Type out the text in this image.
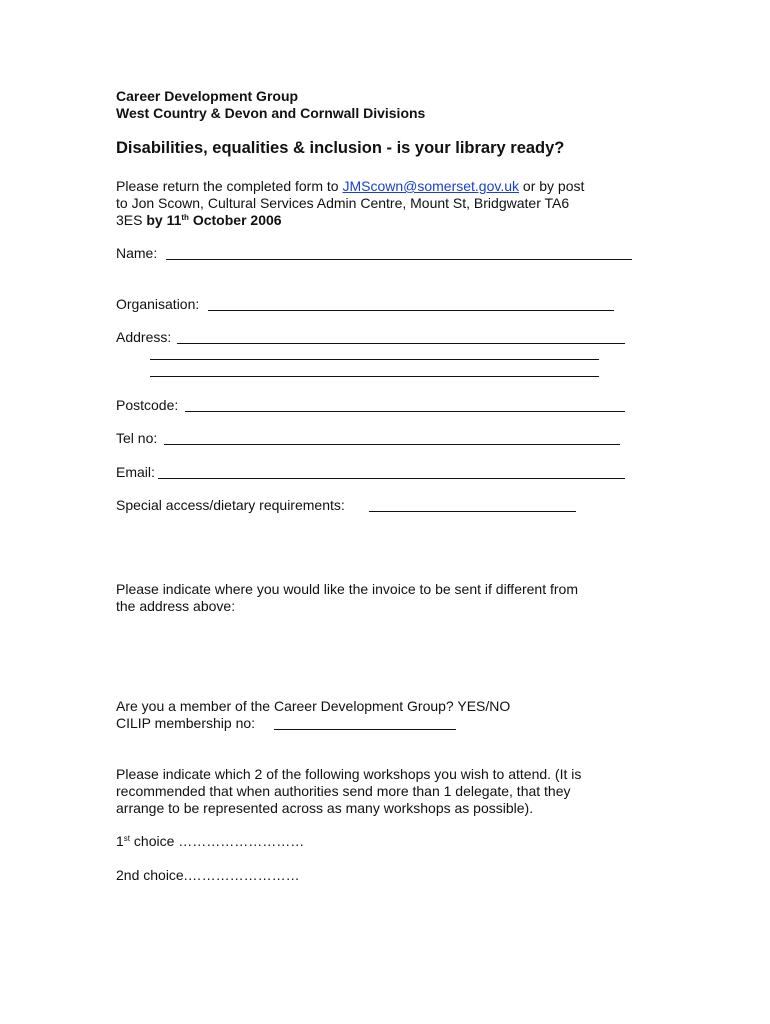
Career Development Group
West Country & Devon and Cornwall Divisions
Disabilities, equalities & inclusion - is your library ready?
Please return the completed form to JMScown@somerset.gov.uk or by post
to Jon Scown, Cultural Services Admin Centre, Mount St, Bridgwater TA6
3ES by 11th October 2006
Name:
Organisation:
Address:
Postcode:
Tel no:
Email:
Special access/dietary requirements:
Please indicate where you would like the invoice to be sent if different from
the address above:
Are you a member of the Career Development Group? YES/NO
CILIP membership no:
Please indicate which 2 of the following workshops you wish to attend. (It is
recommended that when authorities send more than 1 delegate, that they
arrange to be represented across as many workshops as possible).
1st choice ………………………
2nd choice.……………………
